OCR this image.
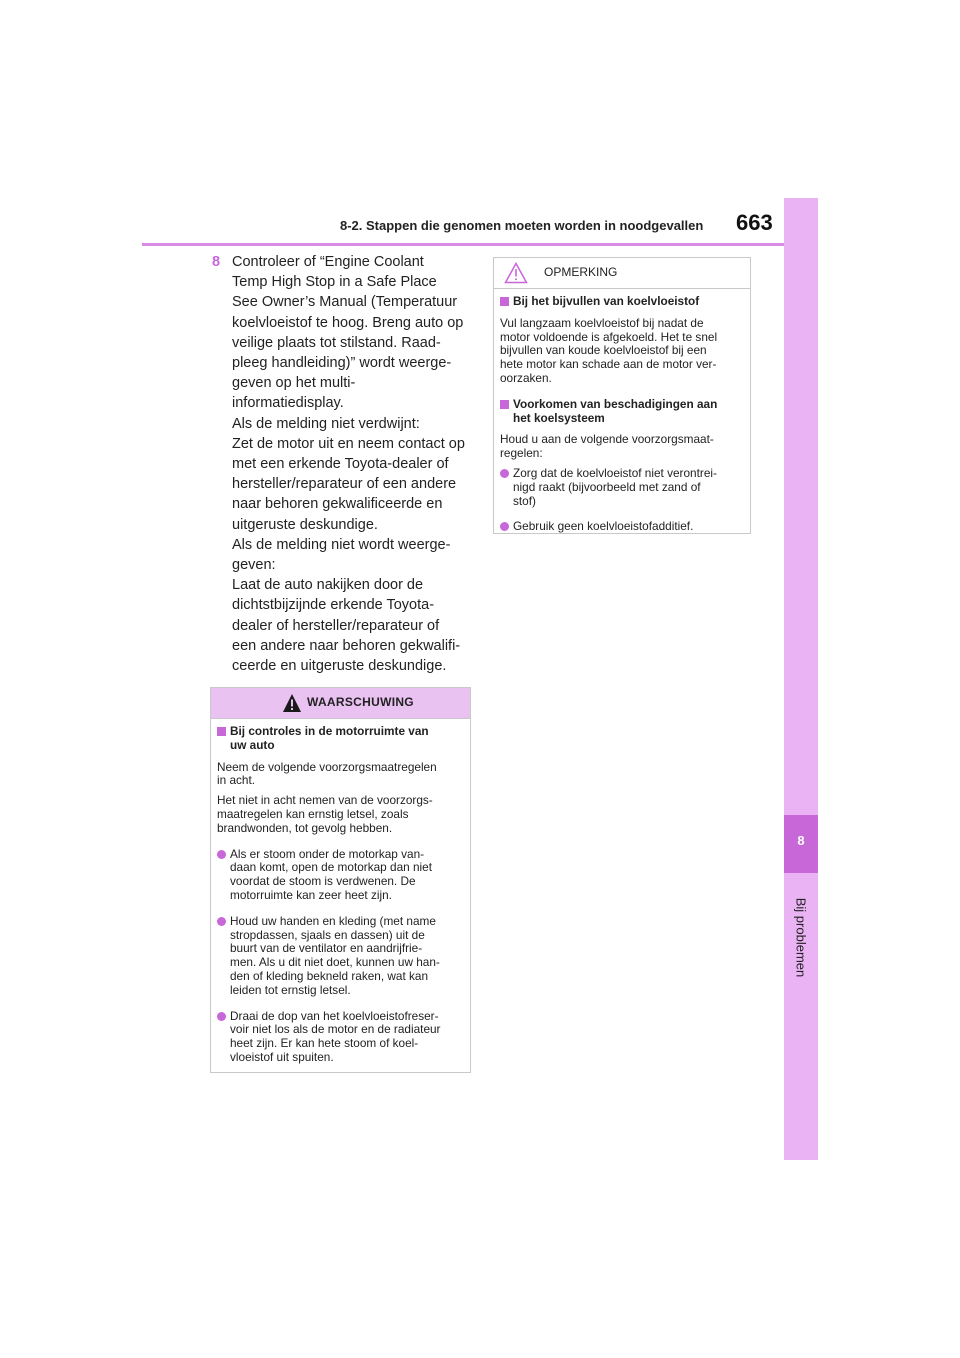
8-2. Stappen die genomen moeten worden in noodgevallen 663
8
Bij problemen
8 Controleer of “Engine Coolant
Temp High Stop in a Safe Place
See Owner’s Manual (Temperatuur
koelvloeistof te hoog. Breng auto op
veilige plaats tot stilstand. Raad-
pleeg handleiding)” wordt weerge-
geven op het multi-
informatiedisplay.
Als de melding niet verdwijnt:
Zet de motor uit en neem contact op
met een erkende Toyota-dealer of
hersteller/reparateur of een andere
naar behoren gekwalificeerde en
uitgeruste deskundige.
Als de melding niet wordt weerge-
geven:
Laat de auto nakijken door de
dichtstbijzijnde erkende Toyota-
dealer of hersteller/reparateur of
een andere naar behoren gekwalifi-
ceerde en uitgeruste deskundige.
WAARSCHUWING
Bij controles in de motorruimte van
uw auto
Neem de volgende voorzorgsmaatregelen
in acht.
Het niet in acht nemen van de voorzorgs-
maatregelen kan ernstig letsel, zoals
brandwonden, tot gevolg hebben.
Als er stoom onder de motorkap van-
daan komt, open de motorkap dan niet
voordat de stoom is verdwenen. De
motorruimte kan zeer heet zijn.
Houd uw handen en kleding (met name
stropdassen, sjaals en dassen) uit de
buurt van de ventilator en aandrijfrie-
men. Als u dit niet doet, kunnen uw han-
den of kleding bekneld raken, wat kan
leiden tot ernstig letsel.
Draai de dop van het koelvloeistofreser-
voir niet los als de motor en de radiateur
heet zijn. Er kan hete stoom of koel-
vloeistof uit spuiten.
OPMERKING
Bij het bijvullen van koelvloeistof
Vul langzaam koelvloeistof bij nadat de
motor voldoende is afgekoeld. Het te snel
bijvullen van koude koelvloeistof bij een
hete motor kan schade aan de motor ver-
oorzaken.
Voorkomen van beschadigingen aan
het koelsysteem
Houd u aan de volgende voorzorgsmaat-
regelen:
Zorg dat de koelvloeistof niet verontrei-
nigd raakt (bijvoorbeeld met zand of
stof)
Gebruik geen koelvloeistofadditief.
